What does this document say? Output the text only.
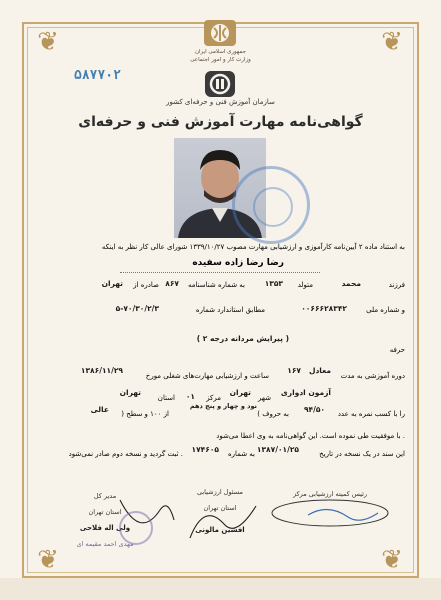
❦	❦
❦	❦
جمهوری اسلامی ایران
وزارت کار و امور اجتماعی
۵۸۷۷۰۲
سازمان آموزش فنی و حرفه‌ای کشور
گواهی‌نامه مهارت آموزش فنی و حرفه‌ای
به استناد ماده ۲ آیین‌نامه کارآموزی و ارزشیابی مهارت مصوب ۱۳۳۹/۱۰/۲۷ شورای عالی کار نظر به اینکه
رضا رضا زاده سفیده
فرزند
محمد
متولد
۱۳۵۳
به شماره شناسنامه
۸۶۷
صادره از
تهران
و شماره ملی
۰۰۶۶۶۲۸۳۴۲
مطابق استاندارد شماره
۵-۷۰/۳۰/۲/۳
حرفه
( پیرایش مردانه درجه ۲ )
دوره آموزشی به مدت
۱۶۷ معادل
ساعت و ارزشیابی مهارت‌های شغلی مورخ
۱۳۸۶/۱۱/۲۹
آزمون ادواری
شهر
تهران
مرکز
۰۱
استان
تهران
را با کسب نمره به عدد
۹۴/۵۰
( به حروف
نود و چهار و پنج دهم
) از ۱۰۰ و سطح
عالی
با موفقیت طی نموده است. این گواهی‌نامه به وی اعطا می‌شود .
این سند در یک نسخه در تاریخ
۱۳۸۷/۰۱/۲۵
به شماره
۱۷۴۶۰۵
ثبت گردید و نسخه دوم صادر نمی‌شود .
رئیس کمیته ارزشیابی مرکز
مسئول ارزشیابی
استان تهران
افشین مالونی
مدیر کل
استان تهران
ولی اله فلاحی
مهدی احمد مقیمه ای
